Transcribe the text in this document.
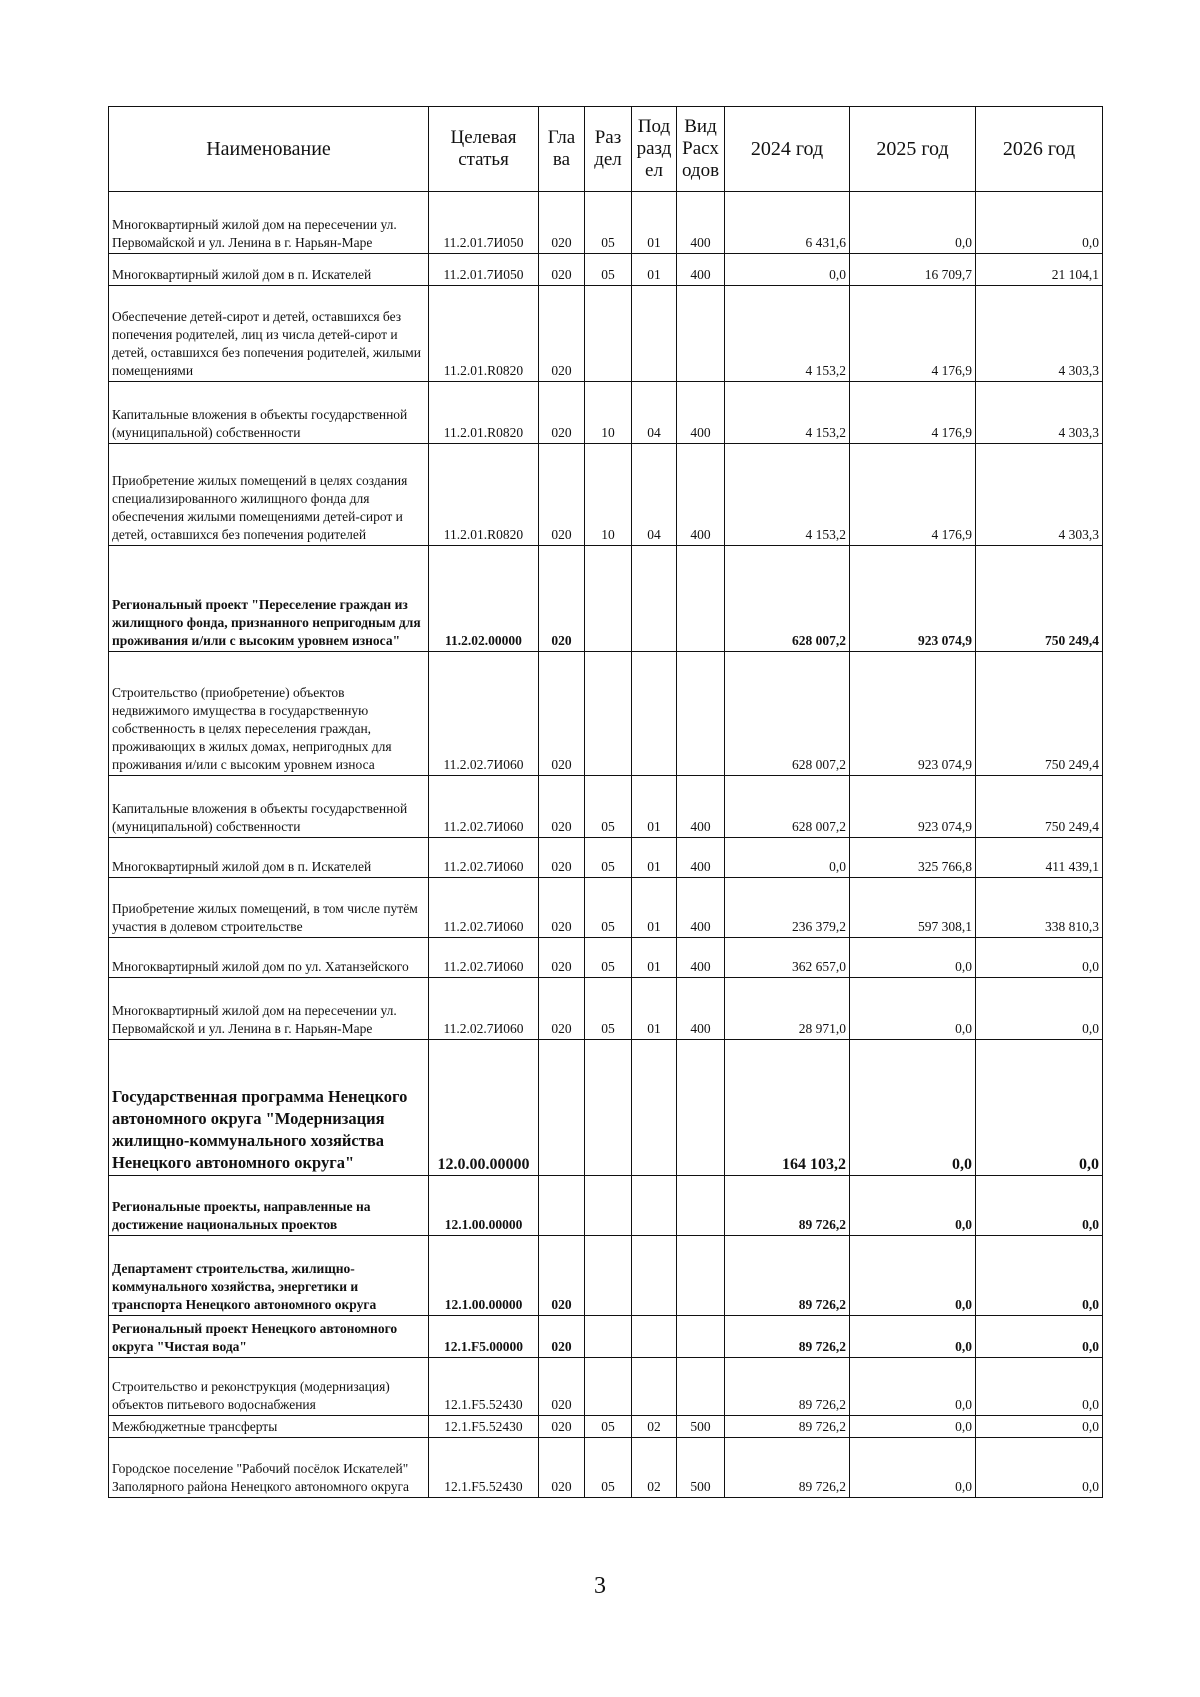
Наименование	Целевая статья	Гла ва	Раз дел	Под разд ел	Вид Расх одов	2024 год	2025 год	2026 год
Многоквартирный жилой дом на пересечении ул. Первомайской и ул. Ленина в г. Нарьян-Маре	11.2.01.7И050	020	05	01	400	6 431,6	0,0	0,0
Многоквартирный жилой дом в п. Искателей	11.2.01.7И050	020	05	01	400	0,0	16 709,7	21 104,1
Обеспечение детей-сирот и детей, оставшихся без попечения родителей, лиц из числа детей-сирот и детей, оставшихся без попечения родителей, жилыми помещениями	11.2.01.R0820	020				4 153,2	4 176,9	4 303,3
Капитальные вложения в объекты государственной (муниципальной) собственности	11.2.01.R0820	020	10	04	400	4 153,2	4 176,9	4 303,3
Приобретение жилых помещений в целях создания специализированного жилищного фонда для обеспечения жилыми помещениями детей-сирот и детей, оставшихся без попечения родителей	11.2.01.R0820	020	10	04	400	4 153,2	4 176,9	4 303,3
Региональный проект "Переселение граждан из жилищного фонда, признанного непригодным для проживания и/или с высоким уровнем износа"	11.2.02.00000	020				628 007,2	923 074,9	750 249,4
Строительство (приобретение) объектов недвижимого имущества в государственную собственность в целях переселения граждан, проживающих в жилых домах, непригодных для проживания и/или с высоким уровнем износа	11.2.02.7И060	020				628 007,2	923 074,9	750 249,4
Капитальные вложения в объекты государственной (муниципальной) собственности	11.2.02.7И060	020	05	01	400	628 007,2	923 074,9	750 249,4
Многоквартирный жилой дом в п. Искателей	11.2.02.7И060	020	05	01	400	0,0	325 766,8	411 439,1
Приобретение жилых помещений, в том числе путём участия в долевом строительстве	11.2.02.7И060	020	05	01	400	236 379,2	597 308,1	338 810,3
Многоквартирный жилой дом по ул. Хатанзейского	11.2.02.7И060	020	05	01	400	362 657,0	0,0	0,0
Многоквартирный жилой дом на пересечении ул. Первомайской и ул. Ленина в г. Нарьян-Маре	11.2.02.7И060	020	05	01	400	28 971,0	0,0	0,0
Государственная программа Ненецкого автономного округа "Модернизация жилищно-коммунального хозяйства Ненецкого автономного округа"	12.0.00.00000					164 103,2	0,0	0,0
Региональные проекты, направленные на достижение национальных проектов	12.1.00.00000					89 726,2	0,0	0,0
Департамент строительства, жилищно-коммунального хозяйства, энергетики и транспорта Ненецкого автономного округа	12.1.00.00000	020				89 726,2	0,0	0,0
Региональный проект Ненецкого автономного округа "Чистая вода"	12.1.F5.00000	020				89 726,2	0,0	0,0
Строительство и реконструкция (модернизация) объектов питьевого водоснабжения	12.1.F5.52430	020				89 726,2	0,0	0,0
Межбюджетные трансферты	12.1.F5.52430	020	05	02	500	89 726,2	0,0	0,0
Городское поселение "Рабочий посёлок Искателей" Заполярного района Ненецкого автономного округа	12.1.F5.52430	020	05	02	500	89 726,2	0,0	0,0
3
